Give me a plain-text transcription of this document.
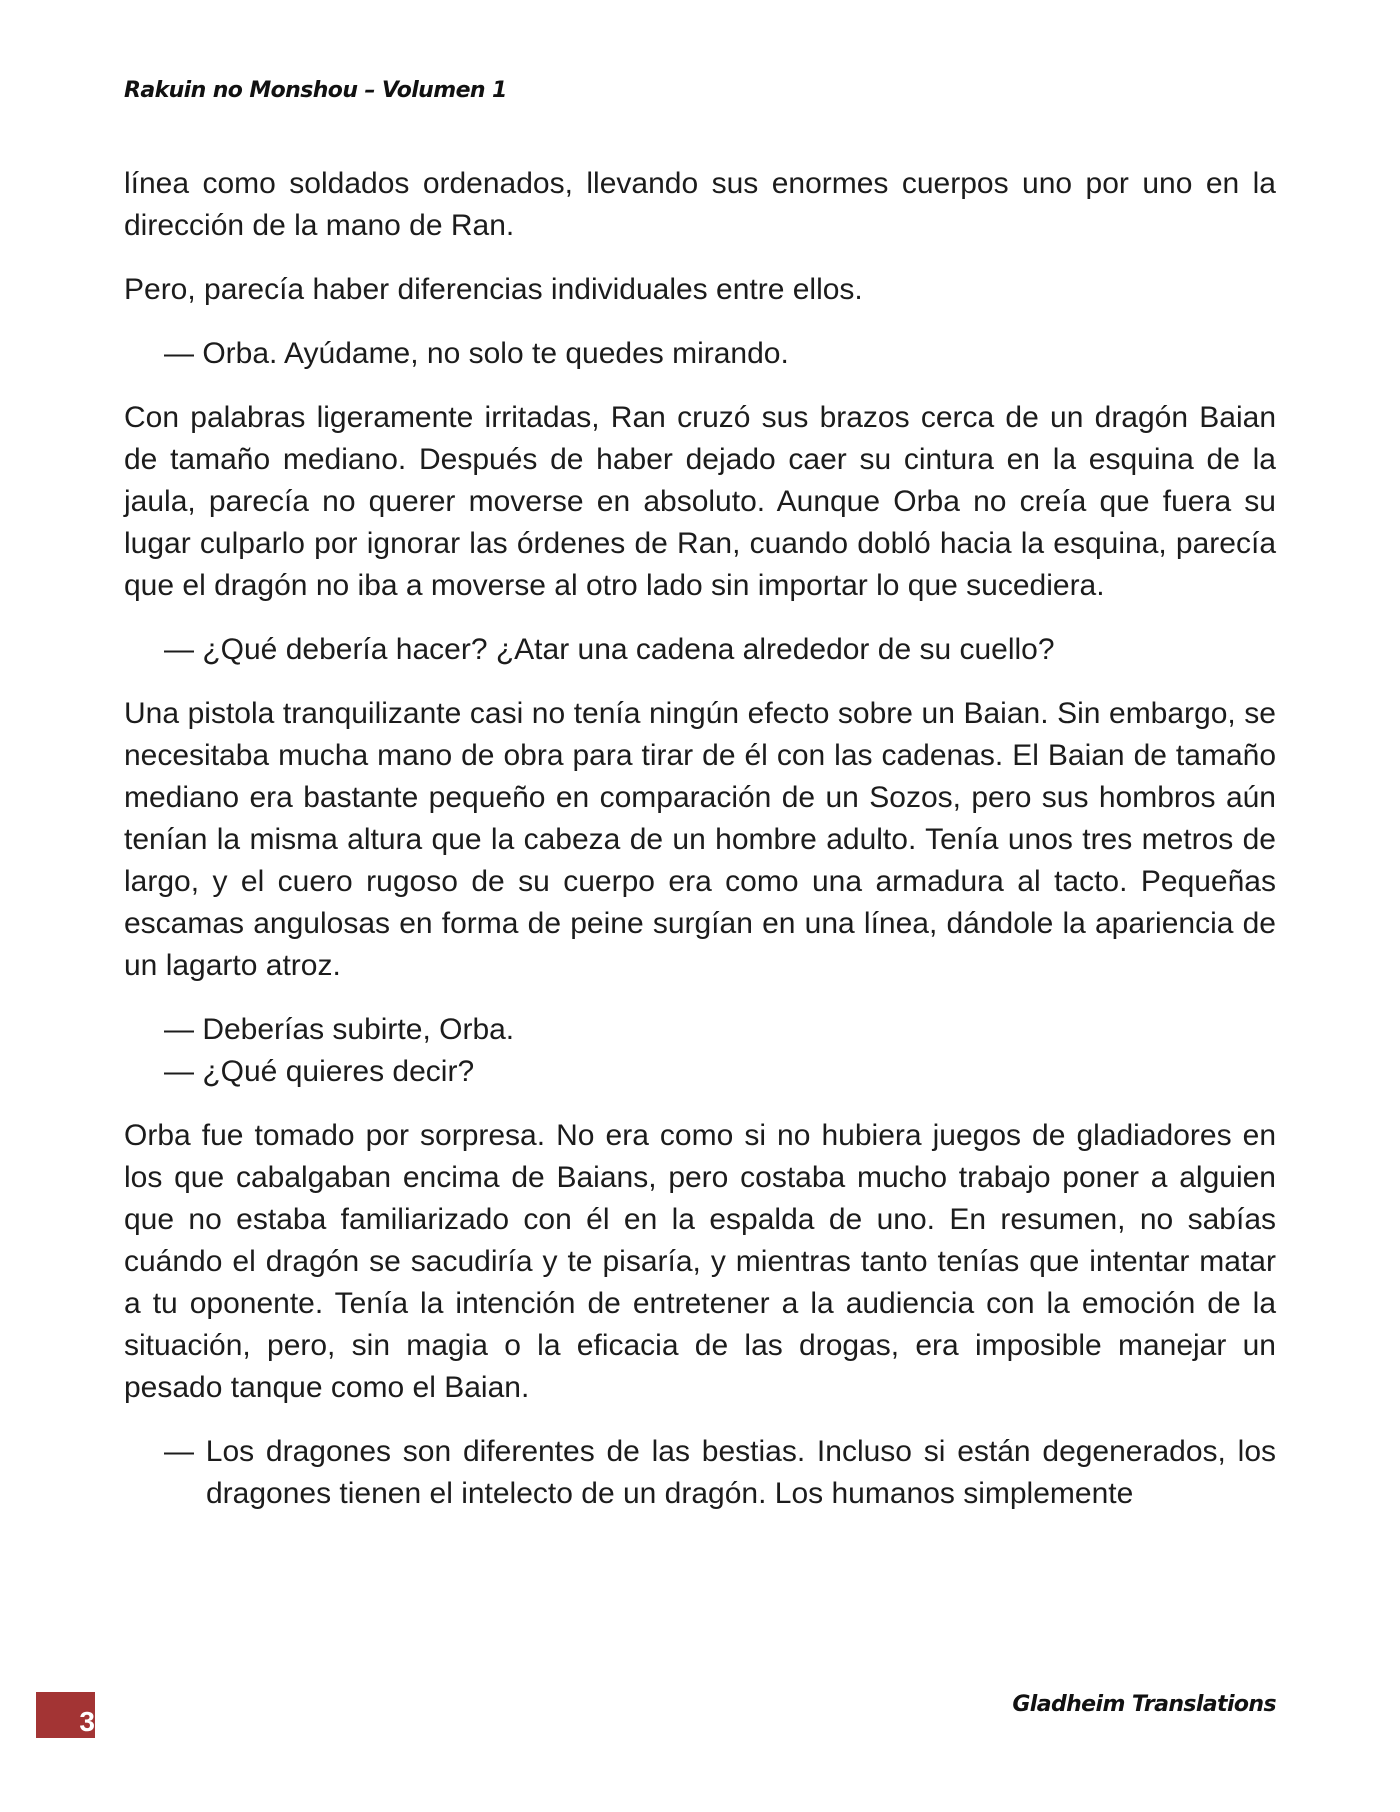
Rakuin no Monshou – Volumen 1

línea como soldados ordenados, llevando sus enormes cuerpos uno por uno en la dirección de la mano de Ran.

Pero, parecía haber diferencias individuales entre ellos.

— Orba. Ayúdame, no solo te quedes mirando.

Con palabras ligeramente irritadas, Ran cruzó sus brazos cerca de un dragón Baian de tamaño mediano. Después de haber dejado caer su cintura en la esquina de la jaula, parecía no querer moverse en absoluto. Aunque Orba no creía que fuera su lugar culparlo por ignorar las órdenes de Ran, cuando dobló hacia la esquina, parecía que el dragón no iba a moverse al otro lado sin importar lo que sucediera.

— ¿Qué debería hacer? ¿Atar una cadena alrededor de su cuello?

Una pistola tranquilizante casi no tenía ningún efecto sobre un Baian. Sin embargo, se necesitaba mucha mano de obra para tirar de él con las cadenas. El Baian de tamaño mediano era bastante pequeño en comparación de un Sozos, pero sus hombros aún tenían la misma altura que la cabeza de un hombre adulto. Tenía unos tres metros de largo, y el cuero rugoso de su cuerpo era como una armadura al tacto. Pequeñas escamas angulosas en forma de peine surgían en una línea, dándole la apariencia de un lagarto atroz.

— Deberías subirte, Orba.

— ¿Qué quieres decir?

Orba fue tomado por sorpresa. No era como si no hubiera juegos de gladiadores en los que cabalgaban encima de Baians, pero costaba mucho trabajo poner a alguien que no estaba familiarizado con él en la espalda de uno. En resumen, no sabías cuándo el dragón se sacudiría y te pisaría, y mientras tanto tenías que intentar matar a tu oponente. Tenía la intención de entretener a la audiencia con la emoción de la situación, pero, sin magia o la eficacia de las drogas, era imposible manejar un pesado tanque como el Baian.

— Los dragones son diferentes de las bestias. Incluso si están degenerados, los dragones tienen el intelecto de un dragón. Los humanos simplemente

3
Gladheim Translations
